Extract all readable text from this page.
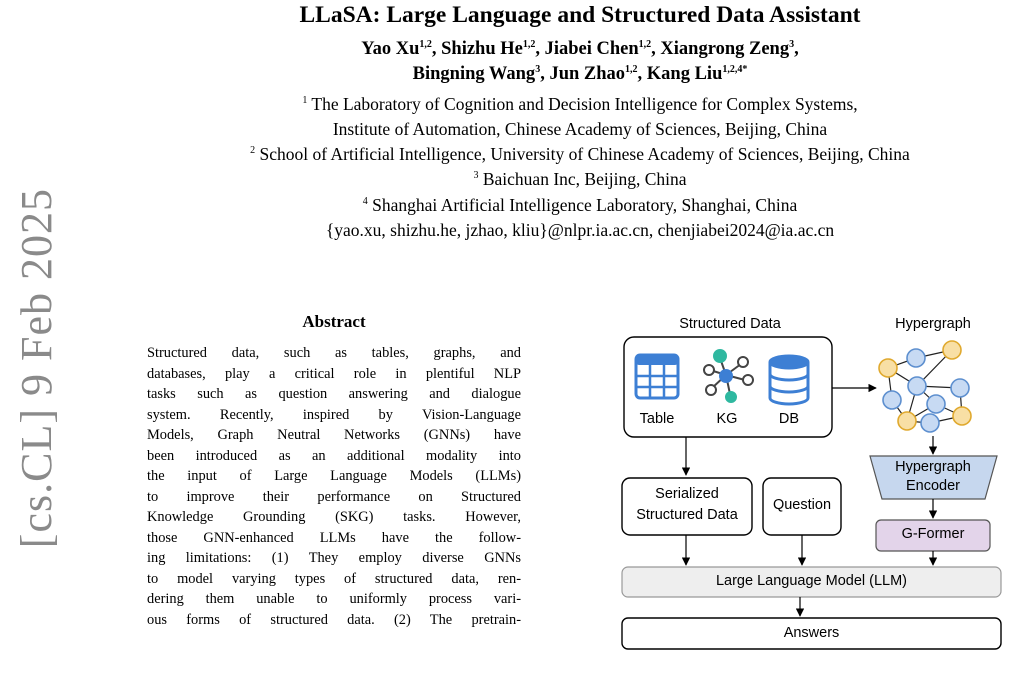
[cs.CL] 9 Feb 2025
LLaSA: Large Language and Structured Data Assistant
Yao Xu$^{1,2}$, Shizhu He$^{1,2}$, Jiabei Chen$^{1,2}$, Xiangrong Zeng$^3$,
Bingning Wang$^3$, Jun Zhao$^{1,2}$, Kang Liu$^{1,2,4*}$
$^1$ The Laboratory of Cognition and Decision Intelligence for Complex Systems,
Institute of Automation, Chinese Academy of Sciences, Beijing, China
$^2$ School of Artificial Intelligence, University of Chinese Academy of Sciences, Beijing, China
$^3$ Baichuan Inc, Beijing, China
$^4$ Shanghai Artificial Intelligence Laboratory, Shanghai, China
{yao.xu, shizhu.he, jzhao, kliu}@nlpr.ia.ac.cn, chenjiabei2024@ia.ac.cn
Abstract
Structured data, such as tables, graphs, and
databases, play a critical role in plentiful NLP
tasks such as question answering and dialogue
system. Recently, inspired by Vision-Language
Models, Graph Neutral Networks (GNNs) have
been introduced as an additional modality into
the input of Large Language Models (LLMs)
to improve their performance on Structured
Knowledge Grounding (SKG) tasks. However,
those GNN-enhanced LLMs have the follow-
ing limitations: (1) They employ diverse GNNs
to model varying types of structured data, ren-
dering them unable to uniformly process vari-
ous forms of structured data. (2) The pretrain-
Structured Data	Hypergraph
Table	KG	DB
Serialized
Structured Data
Question
Hypergraph
Encoder
G-Former
Large Language Model (LLM)
Answers
